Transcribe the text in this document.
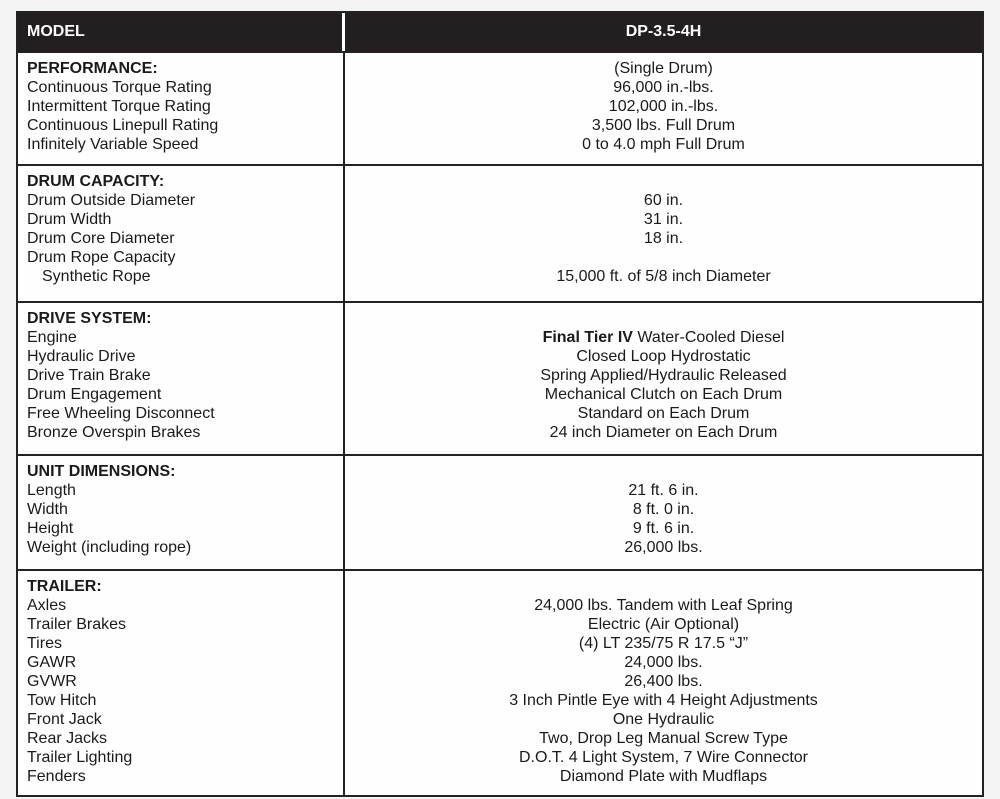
MODEL	DP-3.5-4H
PERFORMANCE:	(Single Drum)
Continuous Torque Rating	96,000 in.-lbs.
Intermittent Torque Rating	102,000 in.-lbs.
Continuous Linepull Rating	3,500 lbs. Full Drum
Infinitely Variable Speed	0 to 4.0 mph Full Drum
DRUM CAPACITY:
Drum Outside Diameter	60 in.
Drum Width	31 in.
Drum Core Diameter	18 in.
Drum Rope Capacity
Synthetic Rope	15,000 ft. of 5/8 inch Diameter
DRIVE SYSTEM:
Engine	Final Tier IV Water-Cooled Diesel
Hydraulic Drive	Closed Loop Hydrostatic
Drive Train Brake	Spring Applied/Hydraulic Released
Drum Engagement	Mechanical Clutch on Each Drum
Free Wheeling Disconnect	Standard on Each Drum
Bronze Overspin Brakes	24 inch Diameter on Each Drum
UNIT DIMENSIONS:
Length	21 ft. 6 in.
Width	8 ft. 0 in.
Height	9 ft. 6 in.
Weight (including rope)	26,000 lbs.
TRAILER:
Axles	24,000 lbs. Tandem with Leaf Spring
Trailer Brakes	Electric (Air Optional)
Tires	(4) LT 235/75 R 17.5 “J”
GAWR	24,000 lbs.
GVWR	26,400 lbs.
Tow Hitch	3 Inch Pintle Eye with 4 Height Adjustments
Front Jack	One Hydraulic
Rear Jacks	Two, Drop Leg Manual Screw Type
Trailer Lighting	D.O.T. 4 Light System, 7 Wire Connector
Fenders	Diamond Plate with Mudflaps
